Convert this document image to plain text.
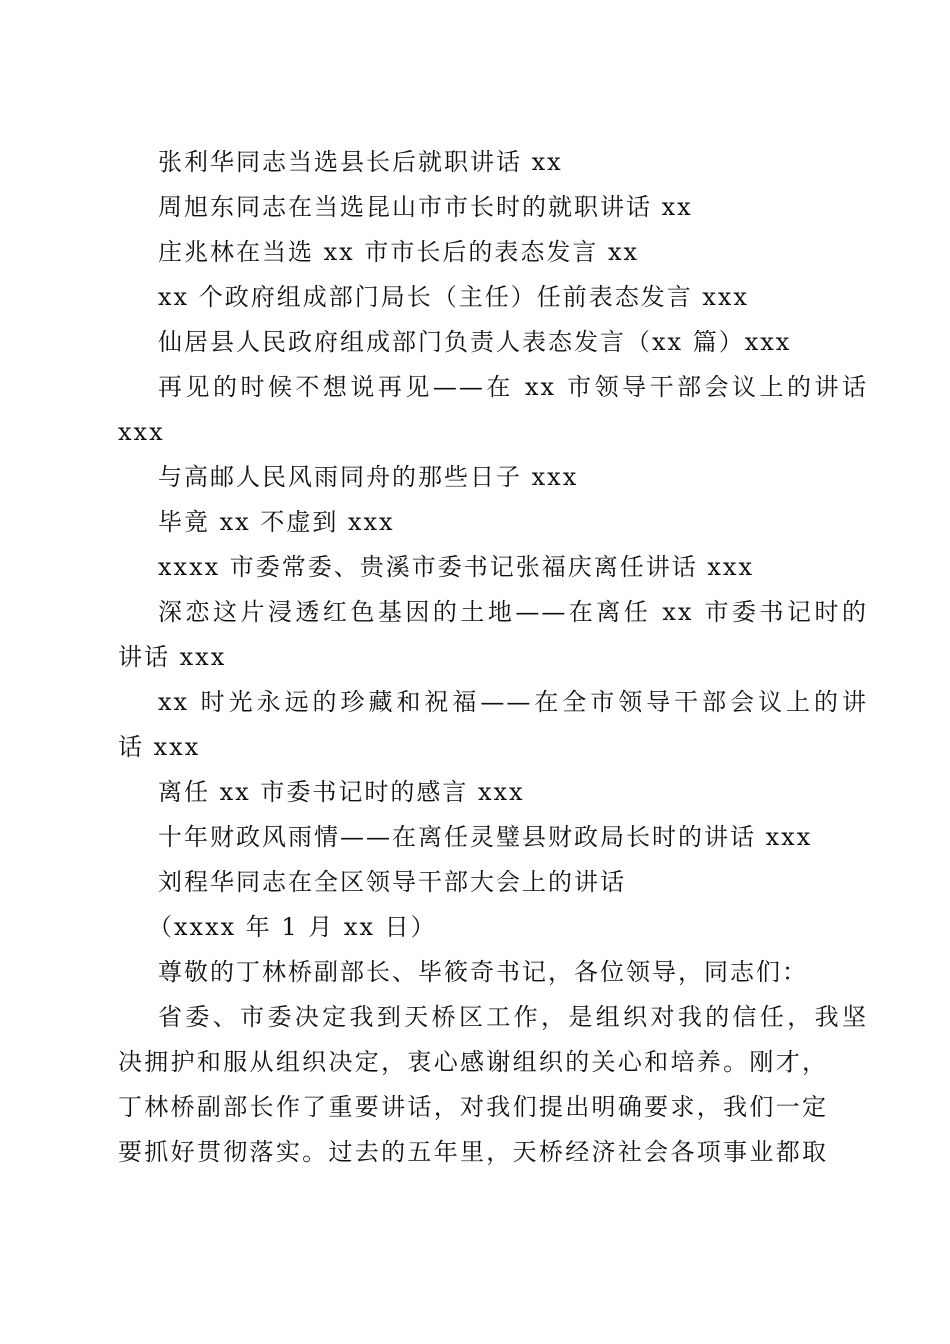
张利华同志当选县长后就职讲话 xx
周旭东同志在当选昆山市市长时的就职讲话 xx
庄兆林在当选 xx 市市长后的表态发言 xx
xx 个政府组成部门局长（主任）任前表态发言 xxx
仙居县人民政府组成部门负责人表态发言（xx 篇）xxx
再见的时候不想说再见——在 xx 市领导干部会议上的讲话
xxx
与高邮人民风雨同舟的那些日子 xxx
毕竟 xx 不虚到 xxx
xxxx 市委常委、贵溪市委书记张福庆离任讲话 xxx
深恋这片浸透红色基因的土地——在离任 xx 市委书记时的
讲话 xxx
xx 时光永远的珍藏和祝福——在全市领导干部会议上的讲
话 xxx
离任 xx 市委书记时的感言 xxx
十年财政风雨情——在离任灵璧县财政局长时的讲话 xxx
刘程华同志在全区领导干部大会上的讲话
（xxxx 年 1 月 xx 日）
尊敬的丁林桥副部长、毕筱奇书记，各位领导，同志们：
省委、市委决定我到天桥区工作，是组织对我的信任，我坚
决拥护和服从组织决定，衷心感谢组织的关心和培养。刚才，
丁林桥副部长作了重要讲话，对我们提出明确要求，我们一定
要抓好贯彻落实。过去的五年里，天桥经济社会各项事业都取
